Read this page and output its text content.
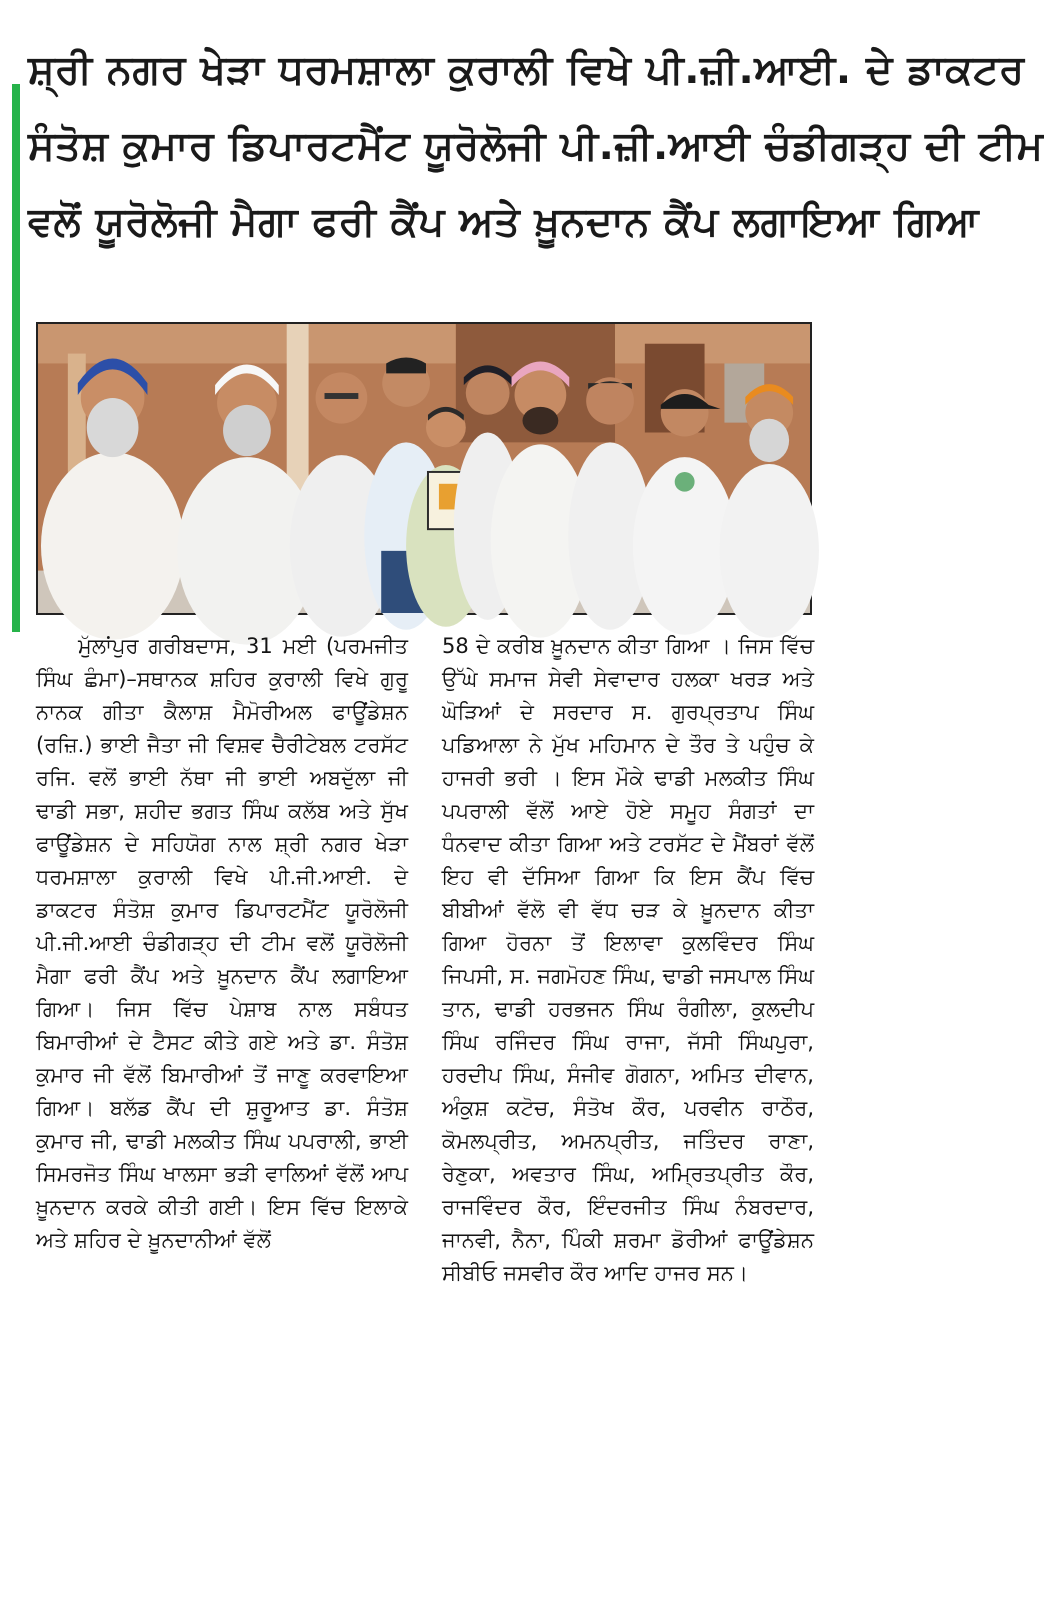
ਸ਼੍ਰੀ ਨਗਰ ਖੇੜਾ ਧਰਮਸ਼ਾਲਾ ਕੁਰਾਲੀ ਵਿਖੇ ਪੀ.ਜ਼ੀ.ਆਈ. ਦੇ ਡਾਕਟਰ
ਸੰਤੋਸ਼ ਕੁਮਾਰ ਡਿਪਾਰਟਮੈਂਟ ਯੂਰੋਲੋਜੀ ਪੀ.ਜ਼ੀ.ਆਈ ਚੰਡੀਗੜ੍ਹ ਦੀ ਟੀਮ
ਵਲੋਂ ਯੂਰੋਲੋਜੀ ਮੈਗਾ ਫਰੀ ਕੈਂਪ ਅਤੇ ਖ਼ੂਨਦਾਨ ਕੈਂਪ ਲਗਾਇਆ ਗਿਆ

ਮੁੱਲਾਂਪੁਰ ਗਰੀਬਦਾਸ, 31 ਮਈ (ਪਰਮਜੀਤ ਸਿੰਘ ਛੰਮਾ)–ਸਥਾਨਕ ਸ਼ਹਿਰ ਕੁਰਾਲੀ ਵਿਖੇ ਗੁਰੂ ਨਾਨਕ ਗੀਤਾ ਕੈਲਾਸ਼ ਮੈਮੋਰੀਅਲ ਫਾਊਂਡੇਸ਼ਨ (ਰਜ਼ਿ.) ਭਾਈ ਜੈਤਾ ਜੀ ਵਿਸ਼ਵ ਚੈਰੀਟੇਬਲ ਟਰਸੱਟ ਰਜਿ. ਵਲੋਂ ਭਾਈ ਨੱਥਾ ਜੀ ਭਾਈ ਅਬਦੁੱਲਾ ਜੀ ਢਾਡੀ ਸਭਾ, ਸ਼ਹੀਦ ਭਗਤ ਸਿੰਘ ਕਲੱਬ ਅਤੇ ਸੁੱਖ ਫਾਊਂਡੇਸ਼ਨ ਦੇ ਸਹਿਯੋਗ ਨਾਲ ਸ਼੍ਰੀ ਨਗਰ ਖੇੜਾ ਧਰਮਸ਼ਾਲਾ ਕੁਰਾਲੀ ਵਿਖੇ ਪੀ.ਜੀ.ਆਈ. ਦੇ ਡਾਕਟਰ ਸੰਤੋਸ਼ ਕੁਮਾਰ ਡਿਪਾਰਟਮੈਂਟ ਯੂਰੋਲੋਜੀ ਪੀ.ਜੀ.ਆਈ ਚੰਡੀਗੜ੍ਹ ਦੀ ਟੀਮ ਵਲੋਂ ਯੂਰੋਲੋਜੀ ਮੈਗਾ ਫਰੀ ਕੈਂਪ ਅਤੇ ਖ਼ੂਨਦਾਨ ਕੈਂਪ ਲਗਾਇਆ ਗਿਆ। ਜਿਸ ਵਿੱਚ ਪੇਸ਼ਾਬ ਨਾਲ ਸਬੰਧਤ ਬਿਮਾਰੀਆਂ ਦੇ ਟੈਸਟ ਕੀਤੇ ਗਏ ਅਤੇ ਡਾ. ਸੰਤੋਸ਼ ਕੁਮਾਰ ਜੀ ਵੱਲੋਂ ਬਿਮਾਰੀਆਂ ਤੋਂ ਜਾਣੂ ਕਰਵਾਇਆ ਗਿਆ। ਬਲੱਡ ਕੈਂਪ ਦੀ ਸ਼ੁਰੂਆਤ ਡਾ. ਸੰਤੋਸ਼ ਕੁਮਾਰ ਜੀ, ਢਾਡੀ ਮਲਕੀਤ ਸਿੰਘ ਪਪਰਾਲੀ, ਭਾਈ ਸਿਮਰਜੋਤ ਸਿੰਘ ਖਾਲਸਾ ਭੜੀ ਵਾਲਿਆਂ ਵੱਲੋਂ ਆਪ ਖ਼ੂਨਦਾਨ ਕਰਕੇ ਕੀਤੀ ਗਈ। ਇਸ ਵਿੱਚ ਇਲਾਕੇ ਅਤੇ ਸ਼ਹਿਰ ਦੇ ਖ਼ੂਨਦਾਨੀਆਂ ਵੱਲੋਂ

58 ਦੇ ਕਰੀਬ ਖ਼ੂਨਦਾਨ ਕੀਤਾ ਗਿਆ । ਜਿਸ ਵਿੱਚ ਉੱਘੇ ਸਮਾਜ ਸੇਵੀ ਸੇਵਾਦਾਰ ਹਲਕਾ ਖਰੜ ਅਤੇ ਘੋੜਿਆਂ ਦੇ ਸਰਦਾਰ ਸ. ਗੁਰਪ੍ਰਤਾਪ ਸਿੰਘ ਪਡਿਆਲਾ ਨੇ ਮੁੱਖ ਮਹਿਮਾਨ ਦੇ ਤੌਰ ਤੇ ਪਹੁੰਚ ਕੇ ਹਾਜਰੀ ਭਰੀ । ਇਸ ਮੌਕੇ ਢਾਡੀ ਮਲਕੀਤ ਸਿੰਘ ਪਪਰਾਲੀ ਵੱਲੋਂ ਆਏ ਹੋਏ ਸਮੂਹ ਸੰਗਤਾਂ ਦਾ ਧੰਨਵਾਦ ਕੀਤਾ ਗਿਆ ਅਤੇ ਟਰਸੱਟ ਦੇ ਮੈਂਬਰਾਂ ਵੱਲੋਂ ਇਹ ਵੀ ਦੱਸਿਆ ਗਿਆ ਕਿ ਇਸ ਕੈਂਪ ਵਿੱਚ ਬੀਬੀਆਂ ਵੱਲੋ ਵੀ ਵੱਧ ਚੜ ਕੇ ਖ਼ੂਨਦਾਨ ਕੀਤਾ ਗਿਆ ਹੋਰਨਾ ਤੋਂ ਇਲਾਵਾ ਕੁਲਵਿੰਦਰ ਸਿੰਘ ਜਿਪਸੀ, ਸ. ਜਗਮੋਹਣ ਸਿੰਘ, ਢਾਡੀ ਜਸਪਾਲ ਸਿੰਘ ਤਾਨ, ਢਾਡੀ ਹਰਭਜਨ ਸਿੰਘ ਰੰਗੀਲਾ, ਕੁਲਦੀਪ ਸਿੰਘ ਰਜਿੰਦਰ ਸਿੰਘ ਰਾਜਾ, ਜੱਸੀ ਸਿੰਘਪੁਰਾ, ਹਰਦੀਪ ਸਿੰਘ, ਸੰਜੀਵ ਗੋਗਨਾ, ਅਮਿਤ ਦੀਵਾਨ, ਅੰਕੁਸ਼ ਕਟੋਚ, ਸੰਤੋਖ ਕੌਰ, ਪਰਵੀਨ ਰਾਠੌਰ, ਕੋਮਲਪ੍ਰੀਤ, ਅਮਨਪ੍ਰੀਤ, ਜਤਿੰਦਰ ਰਾਣਾ, ਰੇਣੁਕਾ, ਅਵਤਾਰ ਸਿੰਘ, ਅਮ੍ਰਿਤਪ੍ਰੀਤ ਕੌਰ, ਰਾਜਵਿੰਦਰ ਕੌਰ, ਇੰਦਰਜੀਤ ਸਿੰਘ ਨੰਬਰਦਾਰ, ਜਾਨਵੀ, ਨੈਨਾ, ਪਿੰਕੀ ਸ਼ਰਮਾ ਡੋਰੀਆਂ ਫਾਊਂਡੇਸ਼ਨ ਸੀਬੀਓ ਜਸਵੀਰ ਕੌਰ ਆਦਿ ਹਾਜਰ ਸਨ।
